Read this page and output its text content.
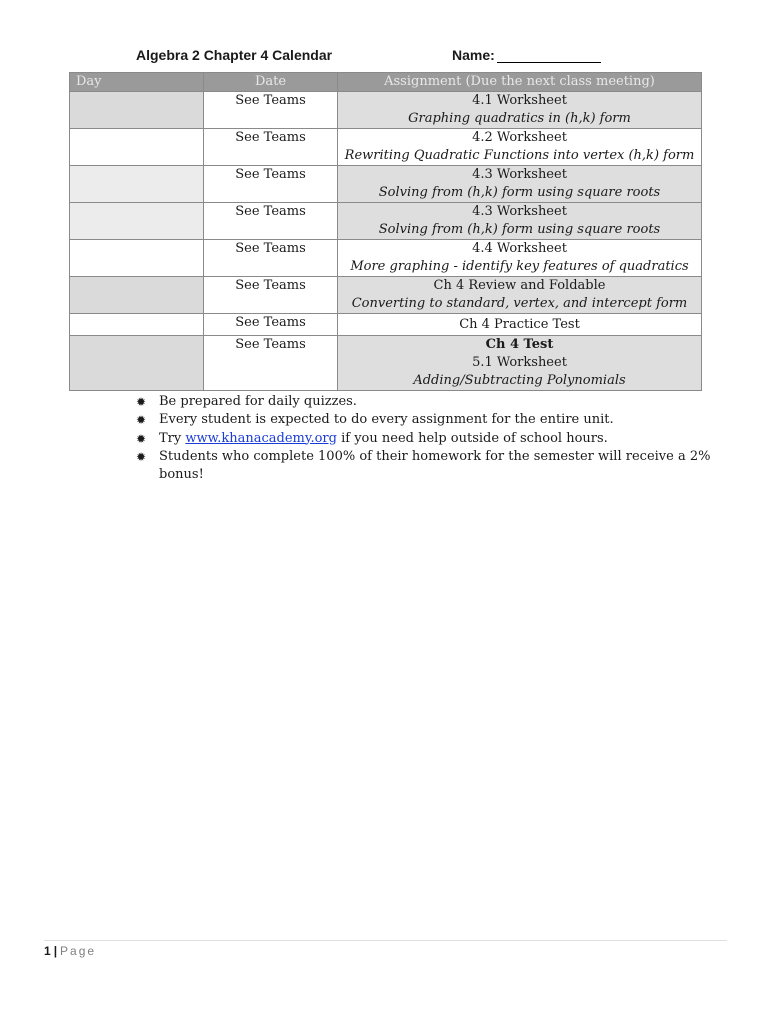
Algebra 2 Chapter 4 Calendar	Name:
Day	Date	Assignment (Due the next class meeting)
	See Teams	4.1 Worksheet
Graphing quadratics in (h,k) form

	See Teams	4.2 Worksheet
Rewriting Quadratic Functions into vertex (h,k) form

	See Teams	4.3 Worksheet
Solving from (h,k) form using square roots

	See Teams	4.3 Worksheet
Solving from (h,k) form using square roots

	See Teams	4.4 Worksheet
More graphing - identify key features of quadratics

	See Teams	Ch 4 Review and Foldable
Converting to standard, vertex, and intercept form

	See Teams	Ch 4 Practice Test

	See Teams	Ch 4 Test
5.1 Worksheet
Adding/Subtracting Polynomials
✹ Be prepared for daily quizzes.
✹ Every student is expected to do every assignment for the entire unit.
✹ Try www.khanacademy.org if you need help outside of school hours.
✹ Students who complete 100% of their homework for the semester will receive a 2% bonus!
1 | Page
